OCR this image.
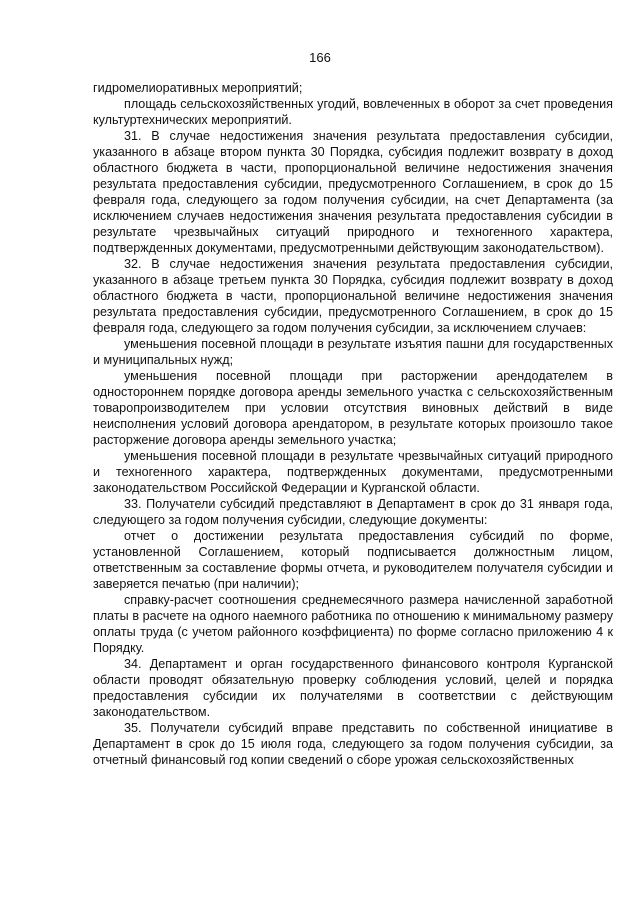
166

гидромелиоративных мероприятий;

площадь сельскохозяйственных угодий, вовлеченных в оборот за счет проведения культуртехнических мероприятий.

31. В случае недостижения значения результата предоставления субсидии, указанного в абзаце втором пункта 30 Порядка, субсидия подлежит возврату в доход областного бюджета в части, пропорциональной величине недостижения значения результата предоставления субсидии, предусмотренного Соглашением, в срок до 15 февраля года, следующего за годом получения субсидии, на счет Департамента (за исключением случаев недостижения значения результата предоставления субсидии в результате чрезвычайных ситуаций природного и техногенного характера, подтвержденных документами, предусмотренными действующим законодательством).

32. В случае недостижения значения результата предоставления субсидии, указанного в абзаце третьем пункта 30 Порядка, субсидия подлежит возврату в доход областного бюджета в части, пропорциональной величине недостижения значения результата предоставления субсидии, предусмотренного Соглашением, в срок до 15 февраля года, следующего за годом получения субсидии, за исключением случаев:

уменьшения посевной площади в результате изъятия пашни для государственных и муниципальных нужд;

уменьшения посевной площади при расторжении арендодателем в одностороннем порядке договора аренды земельного участка с сельскохозяйственным товаропроизводителем при условии отсутствия виновных действий в виде неисполнения условий договора арендатором, в результате которых произошло такое расторжение договора аренды земельного участка;

уменьшения посевной площади в результате чрезвычайных ситуаций природного и техногенного характера, подтвержденных документами, предусмотренными законодательством Российской Федерации и Курганской области.

33. Получатели субсидий представляют в Департамент в срок до 31 января года, следующего за годом получения субсидии, следующие документы:

отчет о достижении результата предоставления субсидий по форме, установленной Соглашением, который подписывается должностным лицом, ответственным за составление формы отчета, и руководителем получателя субсидии и заверяется печатью (при наличии);

справку-расчет соотношения среднемесячного размера начисленной заработной платы в расчете на одного наемного работника по отношению к минимальному размеру оплаты труда (с учетом районного коэффициента) по форме согласно приложению 4 к Порядку.

34. Департамент и орган государственного финансового контроля Курганской области проводят обязательную проверку соблюдения условий, целей и порядка предоставления субсидии их получателями в соответствии с действующим законодательством.

35. Получатели субсидий вправе представить по собственной инициативе в Департамент в срок до 15 июля года, следующего за годом получения субсидии, за отчетный финансовый год копии сведений о сборе урожая сельскохозяйственных
